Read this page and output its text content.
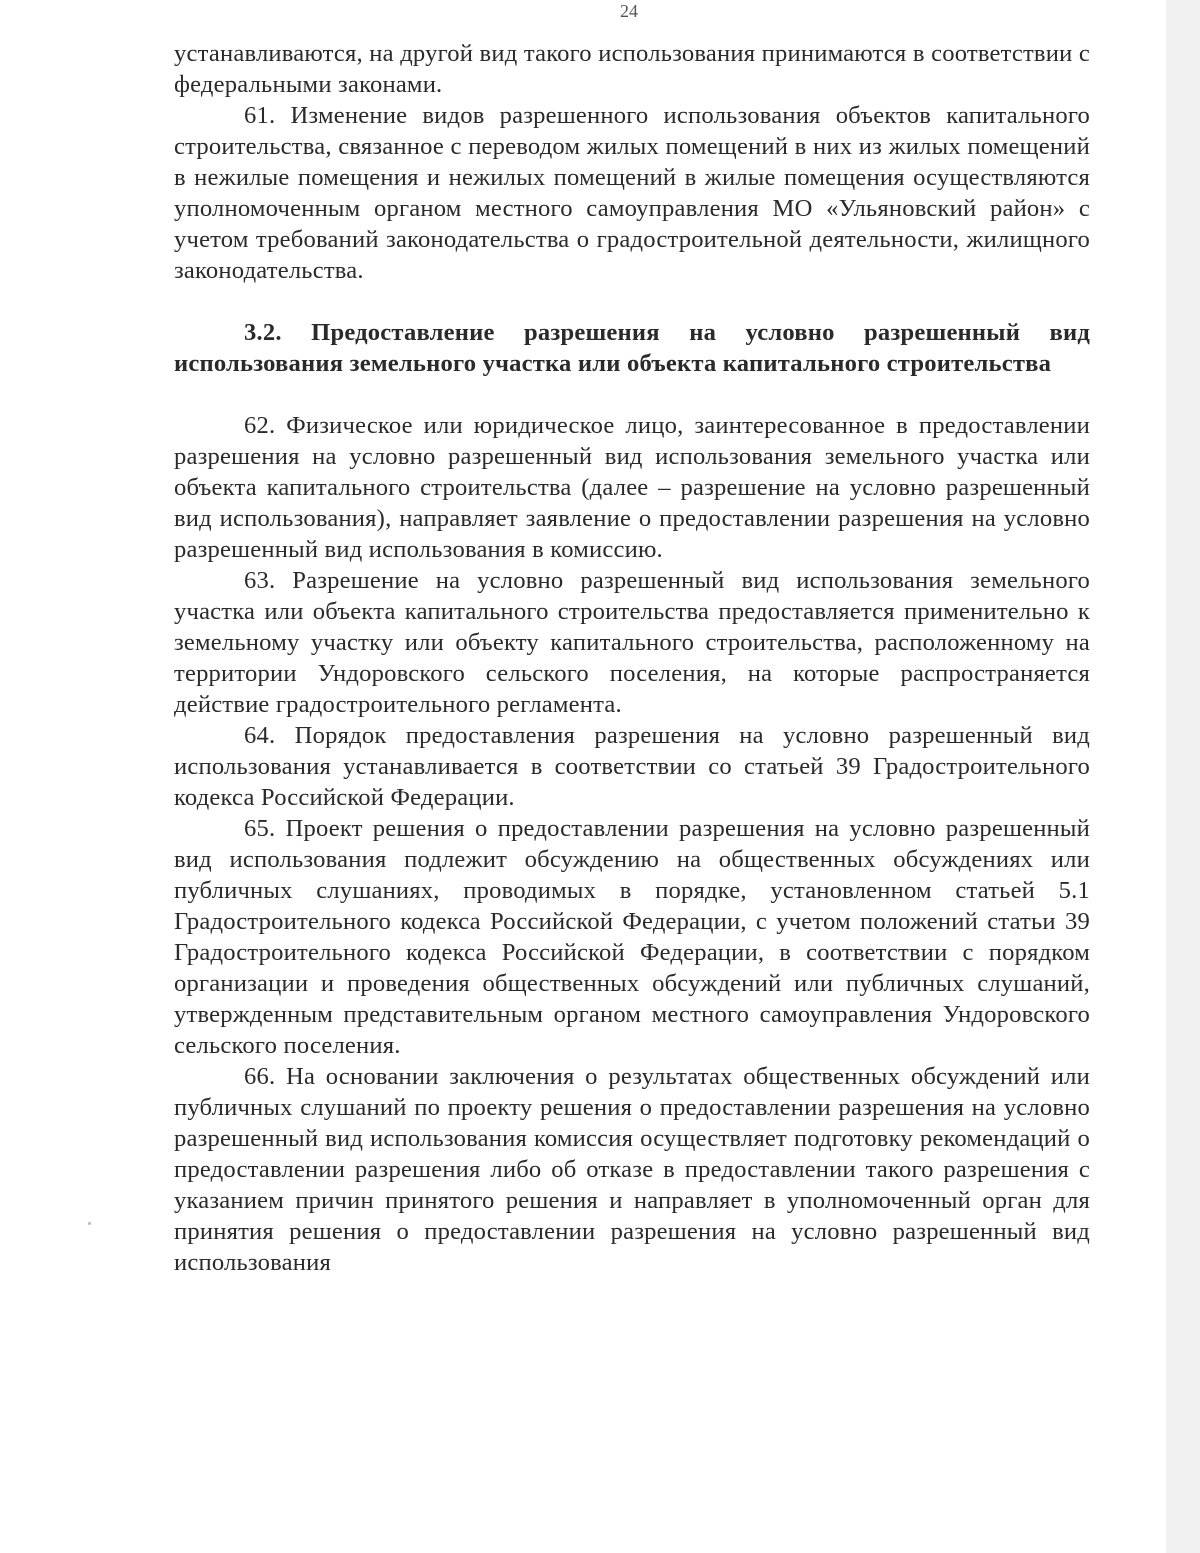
24

устанавливаются, на другой вид такого использования принимаются в соответствии с федеральными законами.

61. Изменение видов разрешенного использования объектов капитального строительства, связанное с переводом жилых помещений в них из жилых помещений в нежилые помещения и нежилых помещений в жилые помещения осуществляются уполномоченным органом местного самоуправления МО «Ульяновский район» с учетом требований законодательства о градостроительной деятельности, жилищного законодательства.

3.2. Предоставление разрешения на условно разрешенный вид использования земельного участка или объекта капитального строительства

62. Физическое или юридическое лицо, заинтересованное в предоставлении разрешения на условно разрешенный вид использования земельного участка или объекта капитального строительства (далее – разрешение на условно разрешенный вид использования), направляет заявление о предоставлении разрешения на условно разрешенный вид использования в комиссию.

63. Разрешение на условно разрешенный вид использования земельного участка или объекта капитального строительства предоставляется применительно к земельному участку или объекту капитального строительства, расположенному на территории Ундоровского сельского поселения, на которые распространяется действие градостроительного регламента.

64. Порядок предоставления разрешения на условно разрешенный вид использования устанавливается в соответствии со статьей 39 Градостроительного кодекса Российской Федерации.

65. Проект решения о предоставлении разрешения на условно разрешенный вид использования подлежит обсуждению на общественных обсуждениях или публичных слушаниях, проводимых в порядке, установленном статьей 5.1 Градостроительного кодекса Российской Федерации, с учетом положений статьи 39 Градостроительного кодекса Российской Федерации, в соответствии с порядком организации и проведения общественных обсуждений или публичных слушаний, утвержденным представительным органом местного самоуправления Ундоровского сельского поселения.

66. На основании заключения о результатах общественных обсуждений или публичных слушаний по проекту решения о предоставлении разрешения на условно разрешенный вид использования комиссия осуществляет подготовку рекомендаций о предоставлении разрешения либо об отказе в предоставлении такого разрешения с указанием причин принятого решения и направляет в уполномоченный орган для принятия решения о предоставлении разрешения на условно разрешенный вид использования
